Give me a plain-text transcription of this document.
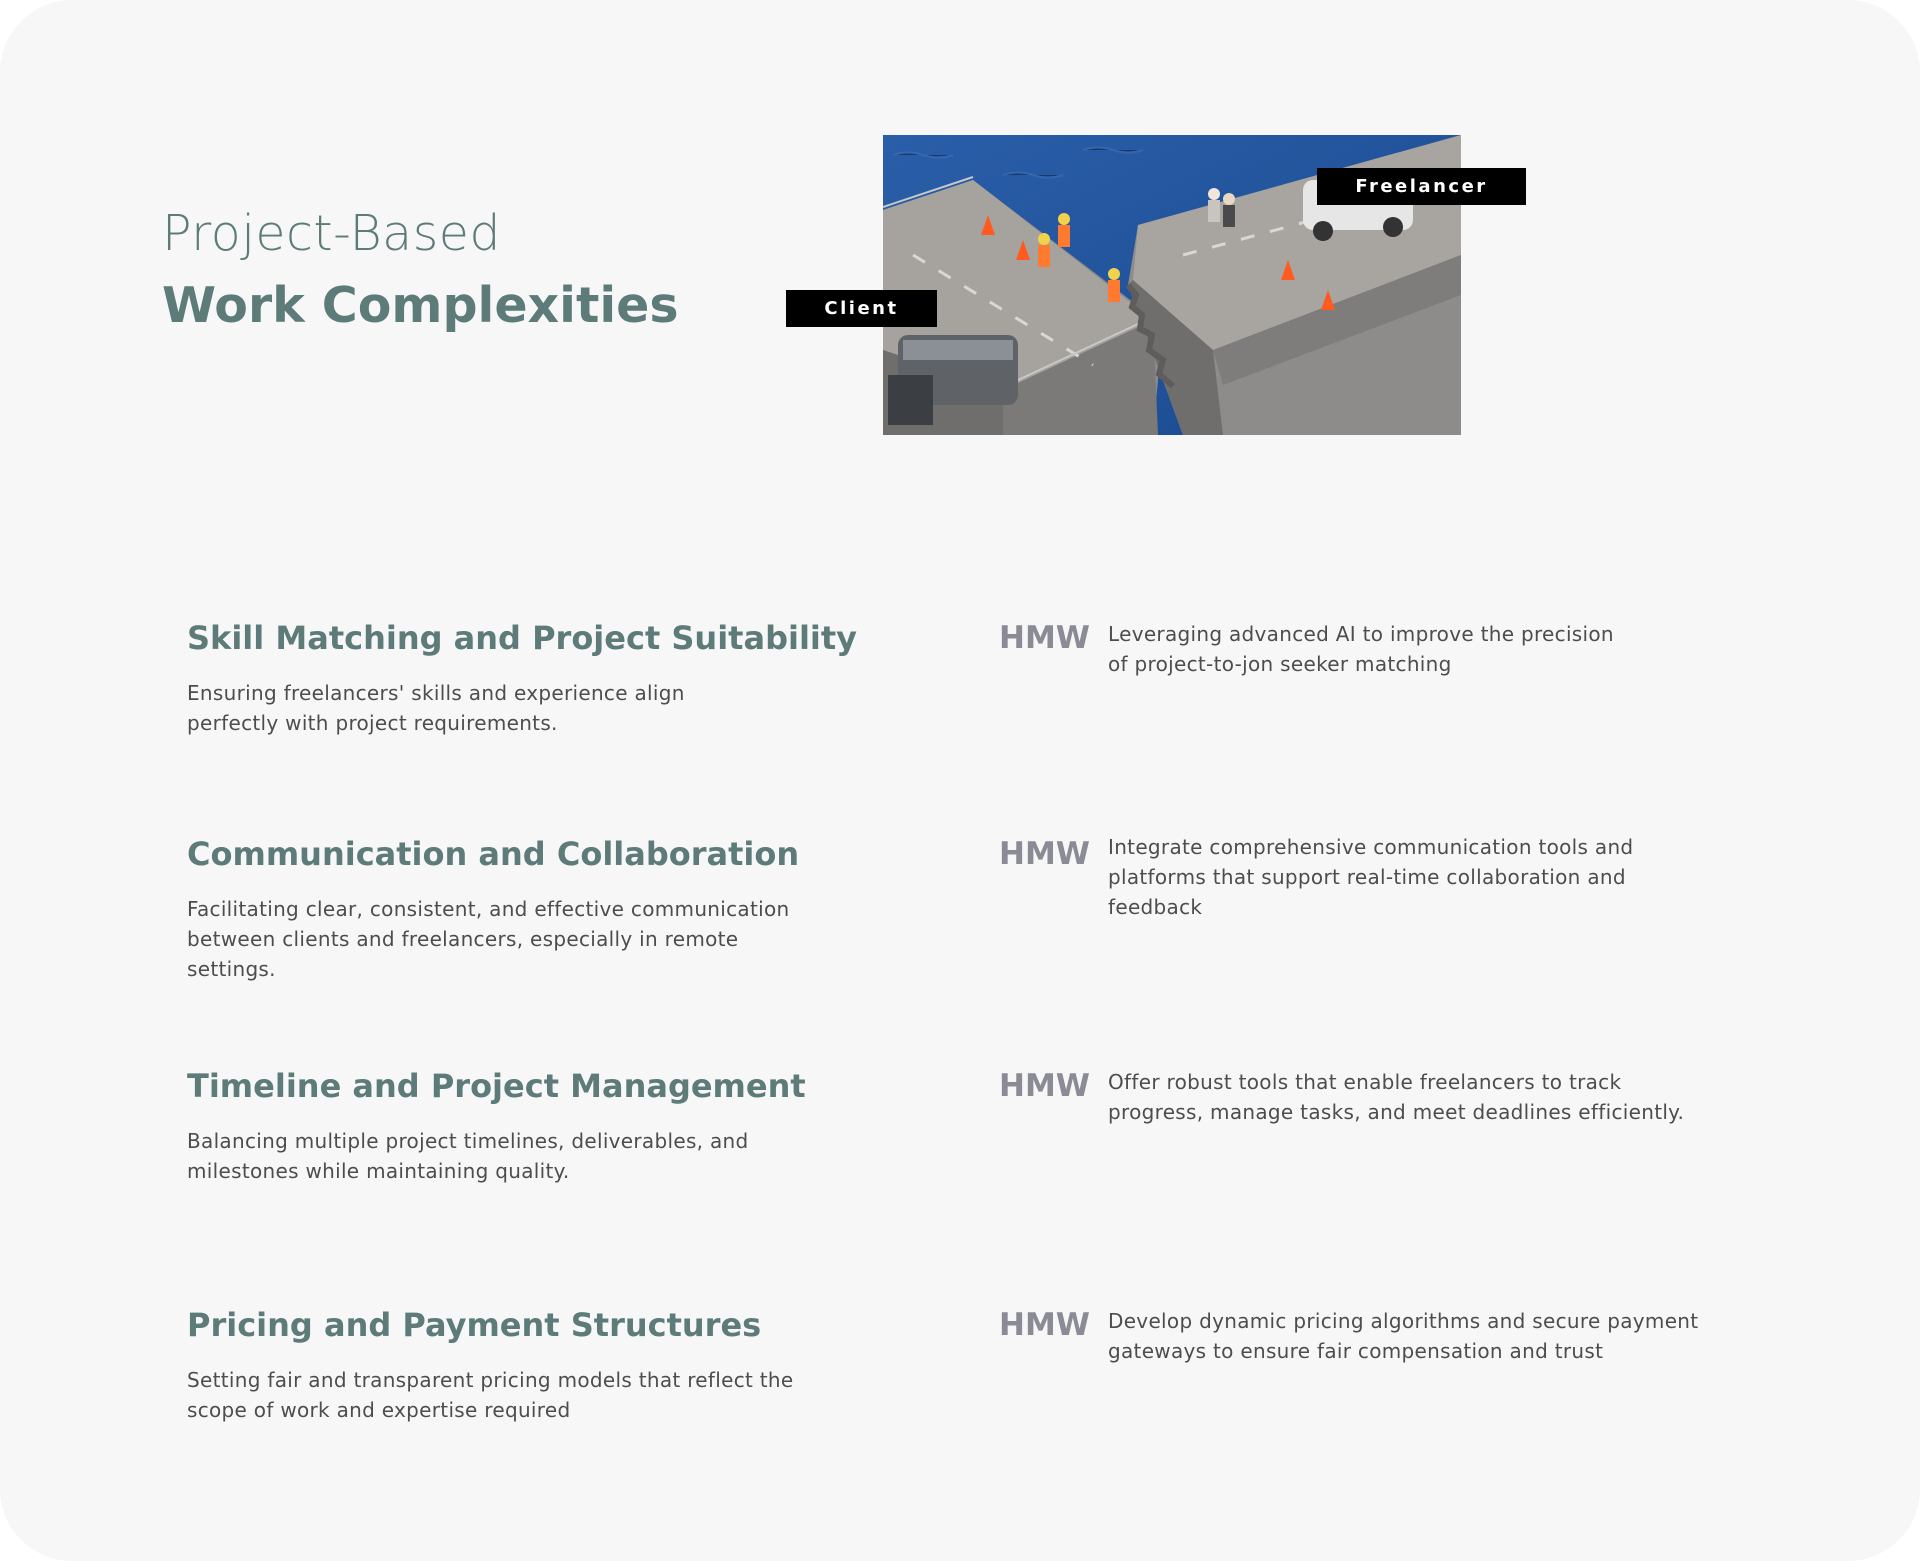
Project-Based
Work Complexities	Client
Freelancer
Skill Matching and Project Suitability

Ensuring freelancers' skills and experience align
perfectly with project requirements.

HMW Leveraging advanced AI to improve the precision
of project-to-jon seeker matching

Communication and Collaboration

Facilitating clear, consistent, and effective communication
between clients and freelancers, especially in remote
settings.

HMW Integrate comprehensive communication tools and
platforms that support real-time collaboration and
feedback

Timeline and Project Management

Balancing multiple project timelines, deliverables, and
milestones while maintaining quality.

HMW Offer robust tools that enable freelancers to track
progress, manage tasks, and meet deadlines efficiently.

Pricing and Payment Structures

Setting fair and transparent pricing models that reflect the
scope of work and expertise required

HMW Develop dynamic pricing algorithms and secure payment
gateways to ensure fair compensation and trust
